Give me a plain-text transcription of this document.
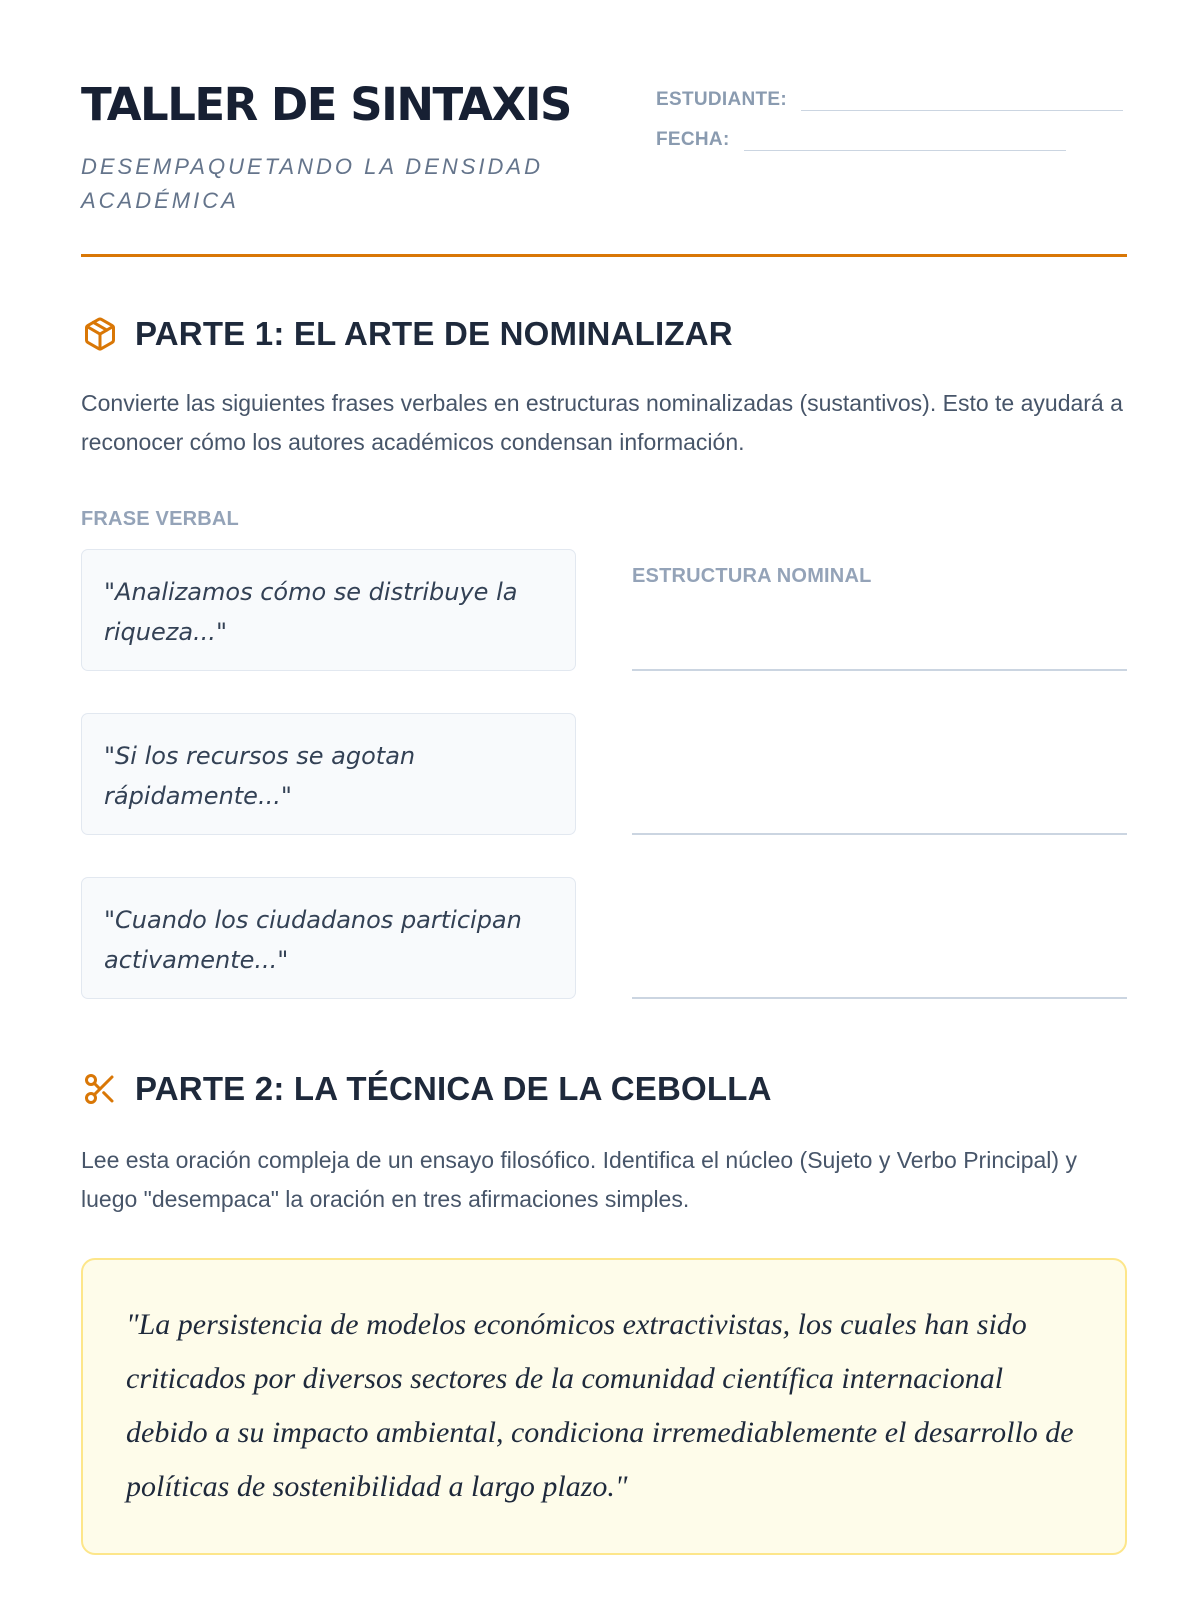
TALLER DE SINTAXIS

DESEMPAQUETANDO LA DENSIDAD ACADÉMICA

ESTUDIANTE:
FECHA:
PARTE 1: EL ARTE DE NOMINALIZAR

Convierte las siguientes frases verbales en estructuras nominalizadas (sustantivos). Esto te ayudará a reconocer cómo los autores académicos condensan información.

FRASE VERBAL
ESTRUCTURA NOMINAL
"Analizamos cómo se distribuye la riqueza..."
"Si los recursos se agotan rápidamente..."
"Cuando los ciudadanos participan activamente..."
PARTE 2: LA TÉCNICA DE LA CEBOLLA

Lee esta oración compleja de un ensayo filosófico. Identifica el núcleo (Sujeto y Verbo Principal) y luego "desempaca" la oración en tres afirmaciones simples.

"La persistencia de modelos económicos extractivistas, los cuales han sido criticados por diversos sectores de la comunidad científica internacional debido a su impacto ambiental, condiciona irremediablemente el desarrollo de políticas de sostenibilidad a largo plazo."
